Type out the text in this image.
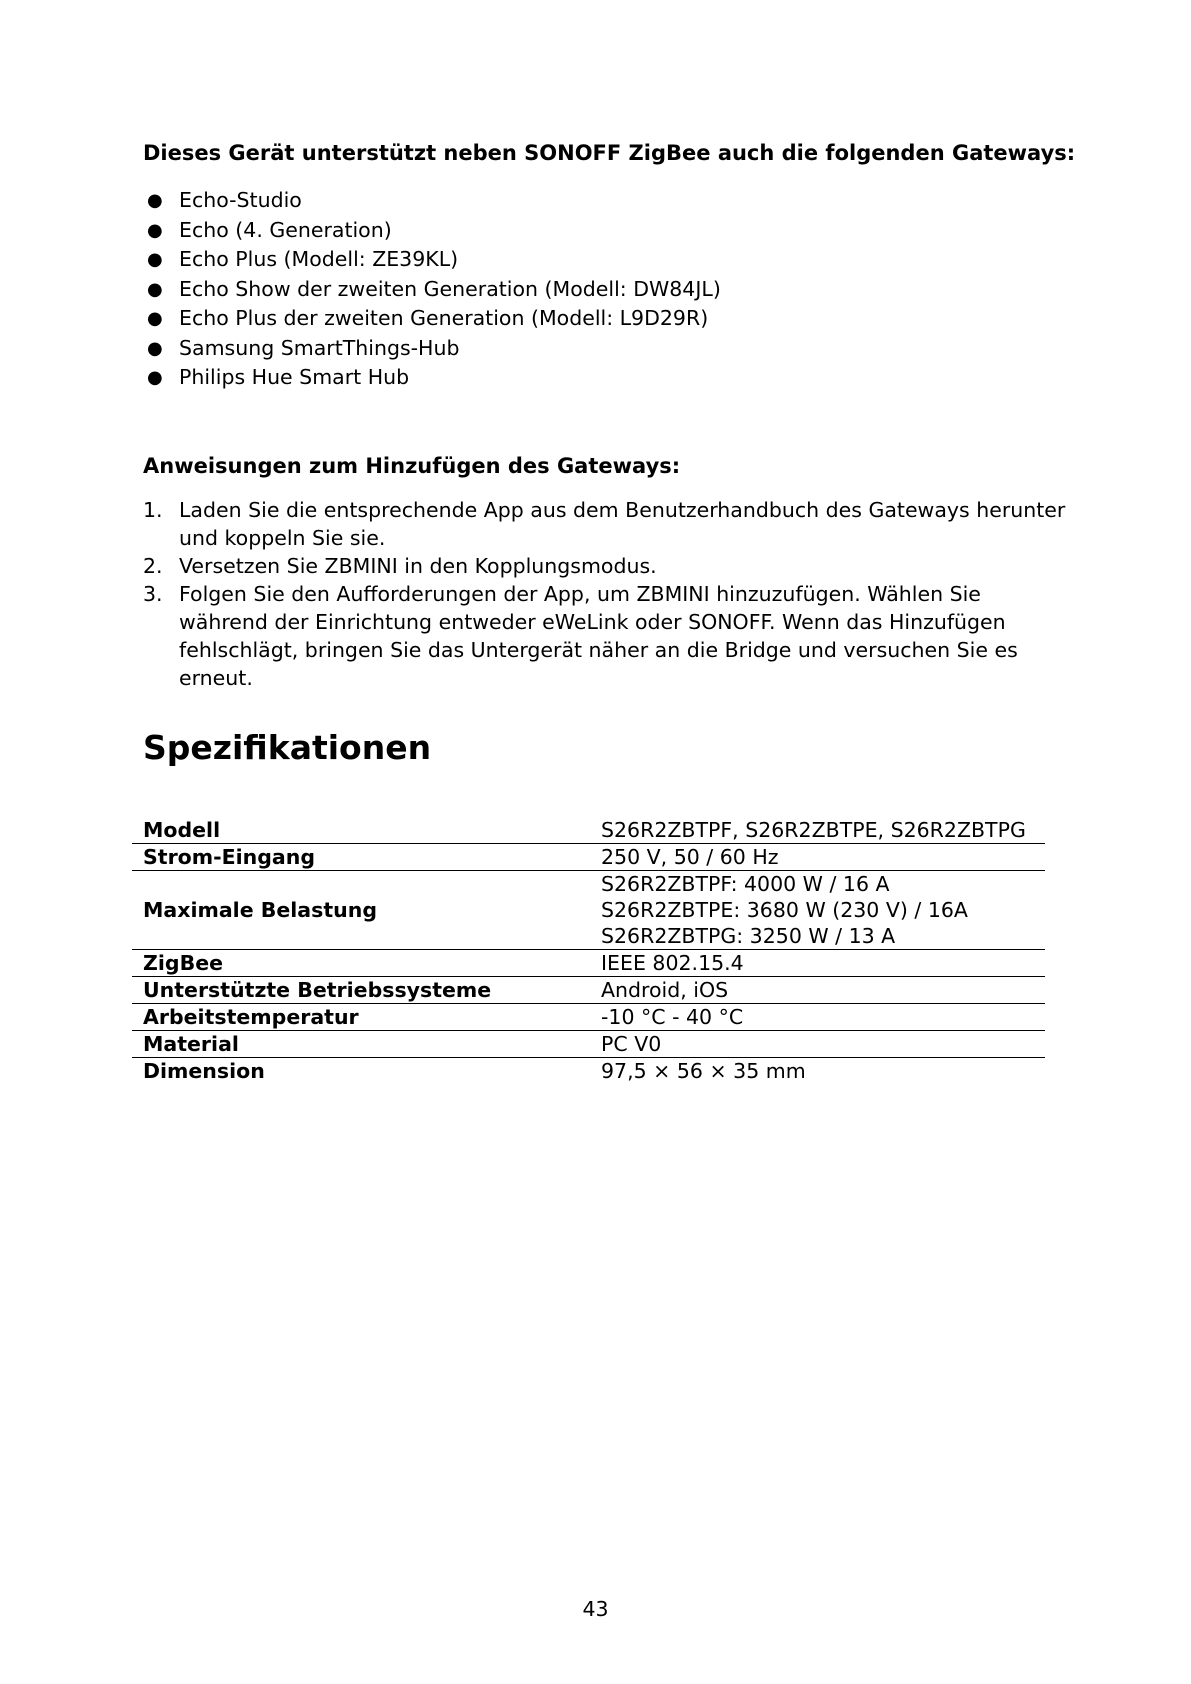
Dieses Gerät unterstützt neben SONOFF ZigBee auch die folgenden Gateways:
● Echo-Studio
● Echo (4. Generation)
● Echo Plus (Modell: ZE39KL)
● Echo Show der zweiten Generation (Modell: DW84JL)
● Echo Plus der zweiten Generation (Modell: L9D29R)
● Samsung SmartThings-Hub
● Philips Hue Smart Hub
Anweisungen zum Hinzufügen des Gateways:
1. Laden Sie die entsprechende App aus dem Benutzerhandbuch des Gateways herunter und koppeln Sie sie.
2. Versetzen Sie ZBMINI in den Kopplungsmodus.
3. Folgen Sie den Aufforderungen der App, um ZBMINI hinzuzufügen. Wählen Sie während der Einrichtung entweder eWeLink oder SONOFF. Wenn das Hinzufügen fehlschlägt, bringen Sie das Untergerät näher an die Bridge und versuchen Sie es erneut.
Spezifikationen
Modell	S26R2ZBTPF, S26R2ZBTPE, S26R2ZBTPG

Strom-Eingang	250 V, 50 / 60 Hz

Maximale Belastung	S26R2ZBTPF: 4000 W / 16 A
S26R2ZBTPE: 3680 W (230 V) / 16A
S26R2ZBTPG: 3250 W / 13 A

ZigBee	IEEE 802.15.4

Unterstützte Betriebssysteme	Android, iOS

Arbeitstemperatur	-10 °C - 40 °C

Material	PC V0

Dimension	97,5 × 56 × 35 mm
43
